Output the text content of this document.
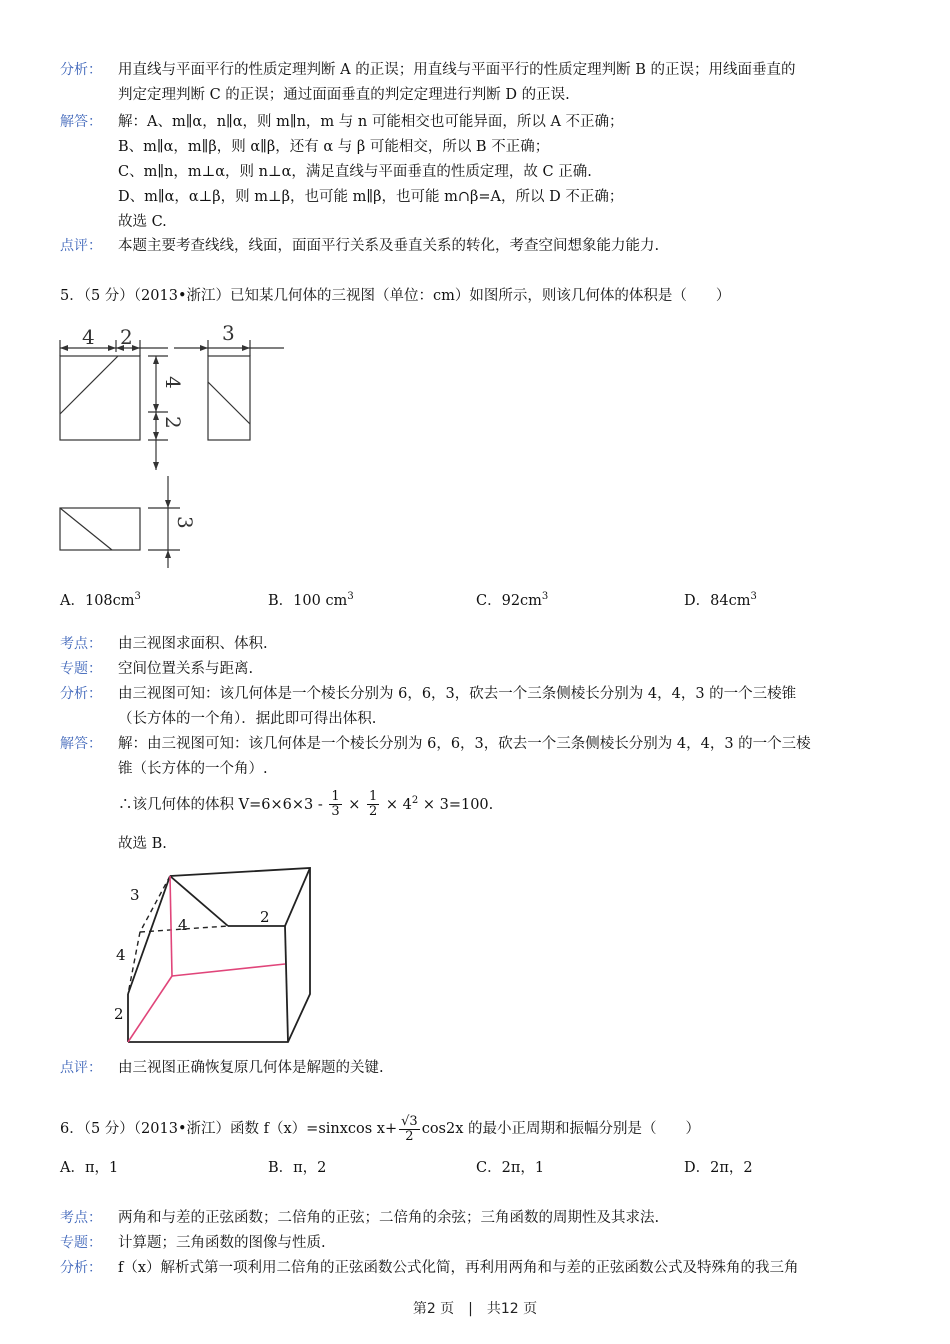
分析：	用直线与平面平行的性质定理判断 A 的正误；用直线与平面平行的性质定理判断 B 的正误；用线面垂直的
判定定理判断 C 的正误；通过面面垂直的判定定理进行判断 D 的正误.
解答：	解：A、m∥α，n∥α，则 m∥n，m 与 n 可能相交也可能异面，所以 A 不正确；
B、m∥α，m∥β，则 α∥β，还有 α 与 β 可能相交，所以 B 不正确；
C、m∥n，m⊥α，则 n⊥α，满足直线与平面垂直的性质定理，故 C 正确.
D、m∥α，α⊥β，则 m⊥β，也可能 m∥β，也可能 m∩β=A，所以 D 不正确；
故选 C.
点评：	本题主要考查线线，线面，面面平行关系及垂直关系的转化，考查空间想象能力能力.
5．（5 分）（2013•浙江）已知某几何体的三视图（单位：cm）如图所示，则该几何体的体积是（　　）
4 2	3
4
2
3
A．$108cm^3$	B．100 $cm^3$	C．$92cm^3$	D．$84cm^3$
考点：	由三视图求面积、体积.
专题：	空间位置关系与距离.
分析：	由三视图可知：该几何体是一个棱长分别为 6，6，3，砍去一个三条侧棱长分别为 4，4，3 的一个三棱锥
（长方体的一个角）．据此即可得出体积.
解答：	解：由三视图可知：该几何体是一个棱长分别为 6，6，3，砍去一个三条侧棱长分别为 4，4，3 的一个三棱
锥（长方体的一个角）.
∴该几何体的体积 $V=6\times 6\times 3 - \frac{1}{3} \times \frac{1}{2} \times 4^2 \times 3=100$.
故选 B.
3
4	2
4
2
点评：	由三视图正确恢复原几何体是解题的关键.
6．（5 分）（2013•浙江）函数 f（x）=sinxcos $x+ \frac{√3}{2} \cos 2x$ 的最小正周期和振幅分别是（　　）
A．π，1	B．π，2	C．2π，1	D．2π，2
考点：	两角和与差的正弦函数；二倍角的正弦；二倍角的余弦；三角函数的周期性及其求法.
专题：	计算题；三角函数的图像与性质.
分析：	f（x）解析式第一项利用二倍角的正弦函数公式化简，再利用两角和与差的正弦函数公式及特殊角的我三角
第2 页　|　共12 页
